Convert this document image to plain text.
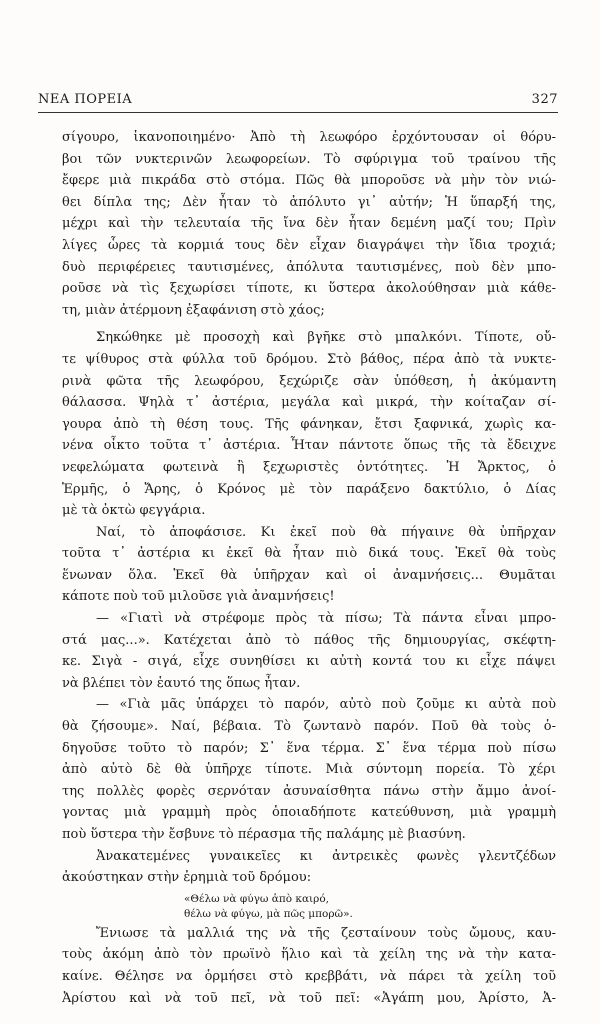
ΝΕΑ ΠΟΡΕΙΑ	327
σίγουρο, ἱκανοποιημένο· Ἀπὸ τὴ λεωφόρο ἐρχόντουσαν οἱ θόρυ-
βοι τῶν νυκτερινῶν λεωφορείων. Τὸ σφύριγμα τοῦ τραίνου τῆς
ἔφερε μιὰ πικράδα στὸ στόμα. Πῶς θὰ μποροῦσε νὰ μὴν τὸν νιώ-
θει δίπλα της; Δὲν ἦταν τὸ ἀπόλυτο γι᾽ αὐτήν; Ἡ ὕπαρξή της,
μέχρι καὶ τὴν τελευταία τῆς ἴνα δὲν ἦταν δεμένη μαζί του; Πρὶν
λίγες ὧρες τὰ κορμιά τους δὲν εἶχαν διαγράψει τὴν ἴδια τροχιά;
δυὸ περιφέρειες ταυτισμένες, ἀπόλυτα ταυτισμένες, ποὺ δὲν μπο-
ροῦσε νὰ τὶς ξεχωρίσει τίποτε, κι ὕστερα ἀκολούθησαν μιὰ κάθε-
τη, μιὰν ἀτέρμονη ἐξαφάνιση στὸ χάος;
Σηκώθηκε μὲ προσοχὴ καὶ βγῆκε στὸ μπαλκόνι. Τίποτε, οὔ-
τε ψίθυρος στὰ φύλλα τοῦ δρόμου. Στὸ βάθος, πέρα ἀπὸ τὰ νυκτε-
ρινὰ φῶτα τῆς λεωφόρου, ξεχώριζε σὰν ὑπόθεση, ἡ ἀκύμαντη
θάλασσα. Ψηλὰ τ᾽ ἀστέρια, μεγάλα καὶ μικρά, τὴν κοίταζαν σί-
γουρα ἀπὸ τὴ θέση τους. Τῆς φάνηκαν, ἔτσι ξαφνικά, χωρὶς κα-
νένα οἶκτο τοῦτα τ᾽ ἀστέρια. Ἦταν πάντοτε ὅπως τῆς τὰ ἔδειχνε
νεφελώματα φωτεινὰ ἢ ξεχωριστὲς ὀντότητες. Ἡ Ἄρκτος, ὁ
Ἑρμῆς, ὁ Ἄρης, ὁ Κρόνος μὲ τὸν παράξενο δακτύλιο, ὁ Δίας
μὲ τὰ ὀκτὼ φεγγάρια.
Ναί, τὸ ἀποφάσισε. Κι ἐκεῖ ποὺ θὰ πήγαινε θὰ ὑπῆρχαν
τοῦτα τ᾽ ἀστέρια κι ἐκεῖ θὰ ἦταν πιὸ δικά τους. Ἐκεῖ θὰ τοὺς
ἕνωναν ὅλα. Ἐκεῖ θὰ ὑπῆρχαν καὶ οἱ ἀναμνήσεις... Θυμᾶται
κάποτε ποὺ τοῦ μιλοῦσε γιὰ ἀναμνήσεις!
— «Γιατὶ νὰ στρέφομε πρὸς τὰ πίσω; Τὰ πάντα εἶναι μπρο-
στά μας...». Κατέχεται ἀπὸ τὸ πάθος τῆς δημιουργίας, σκέφτη-
κε. Σιγὰ - σιγά, εἶχε συνηθίσει κι αὐτὴ κοντά του κι εἶχε πάψει
νὰ βλέπει τὸν ἑαυτό της ὅπως ἦταν.
— «Γιὰ μᾶς ὑπάρχει τὸ παρόν, αὐτὸ ποὺ ζοῦμε κι αὐτὰ ποὺ
θὰ ζήσουμε». Ναί, βέβαια. Τὸ ζωντανὸ παρόν. Ποῦ θὰ τοὺς ὁ-
δηγοῦσε τοῦτο τὸ παρόν; Σ᾽ ἕνα τέρμα. Σ᾽ ἕνα τέρμα ποὺ πίσω
ἀπὸ αὐτὸ δὲ θὰ ὑπῆρχε τίποτε. Μιὰ σύντομη πορεία. Τὸ χέρι
της πολλὲς φορὲς σερνόταν ἀσυναίσθητα πάνω στὴν ἄμμο ἀνοί-
γοντας μιὰ γραμμὴ πρὸς ὁποιαδήποτε κατεύθυνση, μιὰ γραμμὴ
ποὺ ὕστερα τὴν ἔσβυνε τὸ πέρασμα τῆς παλάμης μὲ βιασύνη.
Ἀνακατεμένες γυναικεῖες κι ἀντρεικὲς φωνὲς γλεντζέδων
ἀκούστηκαν στὴν ἐρημιὰ τοῦ δρόμου:
«Θέλω νὰ φύγω ἀπὸ καιρό,
θέλω νὰ φύγω, μὰ πῶς μπορῶ».
Ἔνιωσε τὰ μαλλιά της νὰ τῆς ζεσταίνουν τοὺς ὤμους, καυ-
τοὺς ἀκόμη ἀπὸ τὸν πρωϊνὸ ἥλιο καὶ τὰ χείλη της νὰ τὴν κατα-
καίνε. Θέλησε να ὁρμήσει στὸ κρεββάτι, νὰ πάρει τὰ χείλη τοῦ
Ἀρίστου καὶ νὰ τοῦ πεῖ, νὰ τοῦ πεῖ: «Ἀγάπη μου, Ἀρίστο, Ἀ-
